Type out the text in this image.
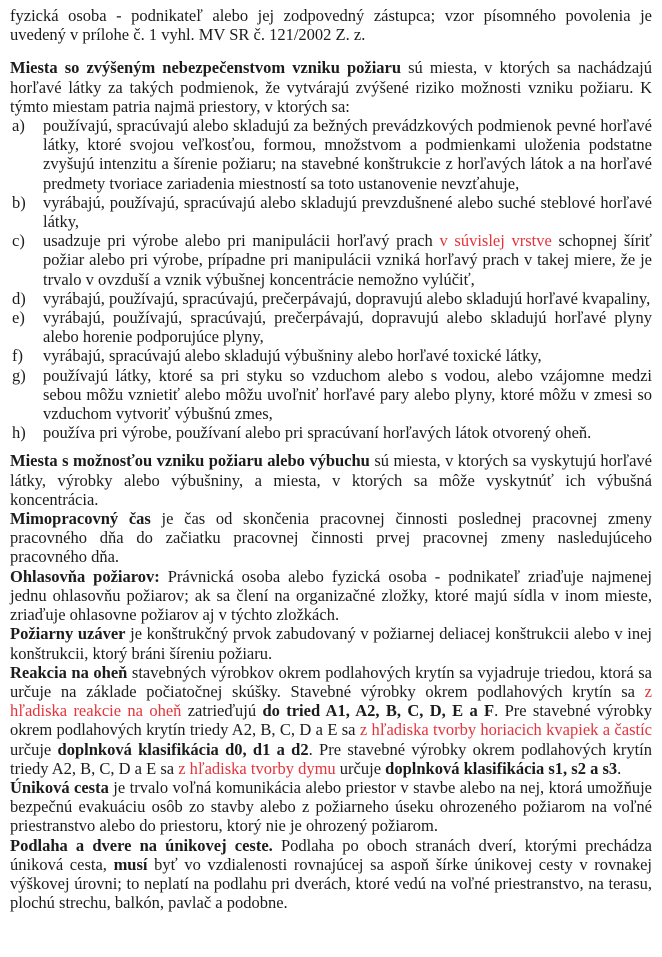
fyzická osoba - podnikateľ alebo jej zodpovedný zástupca; vzor písomného povolenia je uvedený v prílohe č. 1 vyhl. MV SR č. 121/2002 Z. z.

Miesta so zvýšeným nebezpečenstvom vzniku požiaru sú miesta, v ktorých sa nachádzajú horľavé látky za takých podmienok, že vytvárajú zvýšené riziko možnosti vzniku požiaru. K týmto miestam patria najmä priestory, v ktorých sa:

a) používajú, spracúvajú alebo skladujú za bežných prevádzkových podmienok pevné horľavé látky, ktoré svojou veľkosťou, formou, množstvom a podmienkami uloženia podstatne zvyšujú intenzitu a šírenie požiaru; na stavebné konštrukcie z horľavých látok a na horľavé predmety tvoriace zariadenia miestností sa toto ustanovenie nevzťahuje,
b) vyrábajú, používajú, spracúvajú alebo skladujú prevzdušnené alebo suché steblové horľavé látky,
c) usadzuje pri výrobe alebo pri manipulácii horľavý prach v súvislej vrstve schopnej šíriť požiar alebo pri výrobe, prípadne pri manipulácii vzniká horľavý prach v takej miere, že je trvalo v ovzduší a vznik výbušnej koncentrácie nemožno vylúčiť,
d) vyrábajú, používajú, spracúvajú, prečerpávajú, dopravujú alebo skladujú horľavé kvapaliny,
e) vyrábajú, používajú, spracúvajú, prečerpávajú, dopravujú alebo skladujú horľavé plyny alebo horenie podporujúce plyny,
f) vyrábajú, spracúvajú alebo skladujú výbušniny alebo horľavé toxické látky,
g) používajú látky, ktoré sa pri styku so vzduchom alebo s vodou, alebo vzájomne medzi sebou môžu vznietiť alebo môžu uvoľniť horľavé pary alebo plyny, ktoré môžu v zmesi so vzduchom vytvoriť výbušnú zmes,
h) používa pri výrobe, používaní alebo pri spracúvaní horľavých látok otvorený oheň.

Miesta s možnosťou vzniku požiaru alebo výbuchu sú miesta, v ktorých sa vyskytujú horľavé látky, výrobky alebo výbušniny, a miesta, v ktorých sa môže vyskytnúť ich výbušná koncentrácia.

Mimopracovný čas je čas od skončenia pracovnej činnosti poslednej pracovnej zmeny pracovného dňa do začiatku pracovnej činnosti prvej pracovnej zmeny nasledujúceho pracovného dňa.

Ohlasovňa požiarov: Právnická osoba alebo fyzická osoba - podnikateľ zriaďuje najmenej jednu ohlasovňu požiarov; ak sa člení na organizačné zložky, ktoré majú sídla v inom mieste, zriaďuje ohlasovne požiarov aj v týchto zložkách.

Požiarny uzáver je konštrukčný prvok zabudovaný v požiarnej deliacej konštrukcii alebo v inej konštrukcii, ktorý bráni šíreniu požiaru.

Reakcia na oheň stavebných výrobkov okrem podlahových krytín sa vyjadruje triedou, ktorá sa určuje na základe počiatočnej skúšky. Stavebné výrobky okrem podlahových krytín sa z hľadiska reakcie na oheň zatrieďujú do tried A1, A2, B, C, D, E a F. Pre stavebné výrobky okrem podlahových krytín triedy A2, B, C, D a E sa z hľadiska tvorby horiacich kvapiek a častíc určuje doplnková klasifikácia d0, d1 a d2. Pre stavebné výrobky okrem podlahových krytín triedy A2, B, C, D a E sa z hľadiska tvorby dymu určuje doplnková klasifikácia s1, s2 a s3.

Úniková cesta je trvalo voľná komunikácia alebo priestor v stavbe alebo na nej, ktorá umožňuje bezpečnú evakuáciu osôb zo stavby alebo z požiarneho úseku ohrozeného požiarom na voľné priestranstvo alebo do priestoru, ktorý nie je ohrozený požiarom.

Podlaha a dvere na únikovej ceste. Podlaha po oboch stranách dverí, ktorými prechádza úniková cesta, musí byť vo vzdialenosti rovnajúcej sa aspoň šírke únikovej cesty v rovnakej výškovej úrovni; to neplatí na podlahu pri dverách, ktoré vedú na voľné priestranstvo, na terasu, plochú strechu, balkón, pavlač a podobne.
